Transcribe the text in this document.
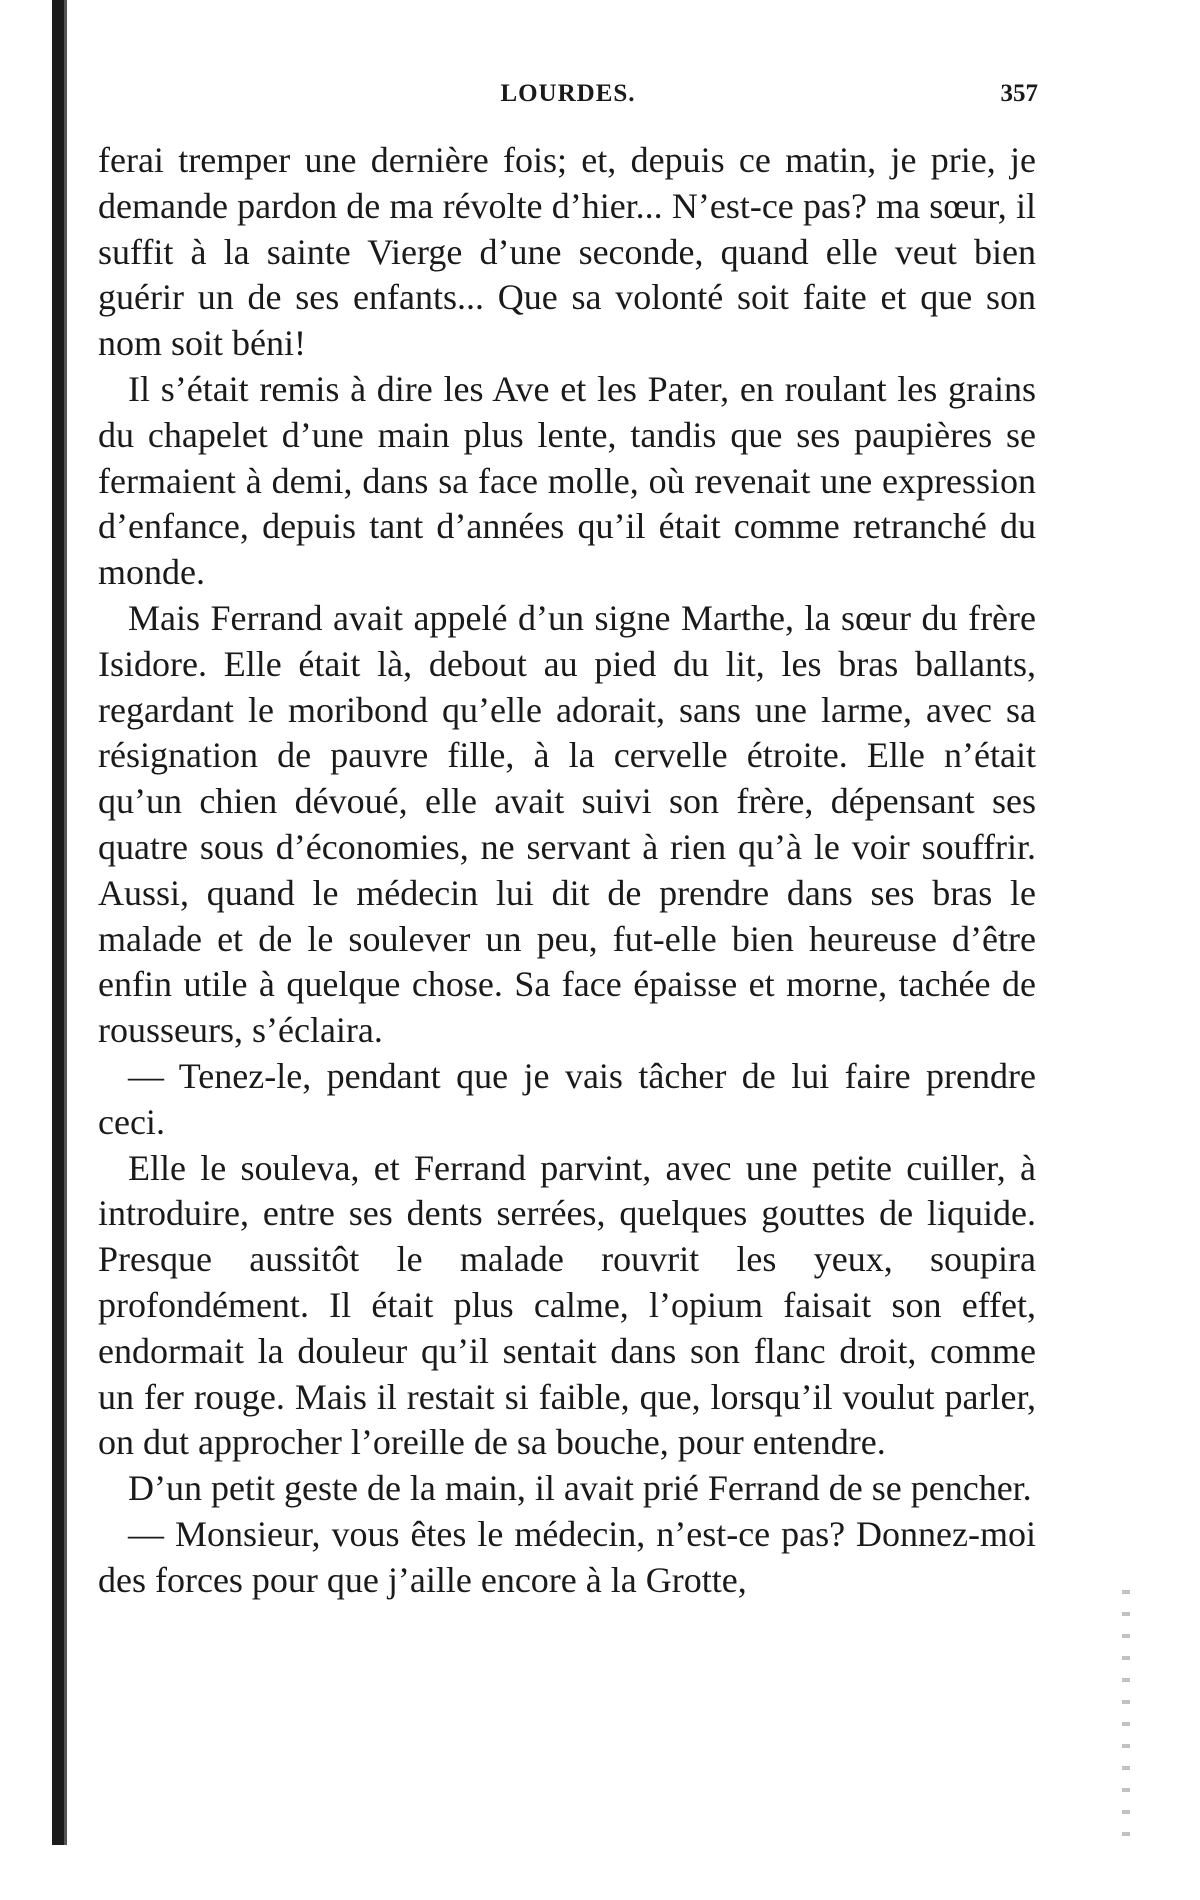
LOURDES.	357

ferai tremper une dernière fois; et, depuis ce matin, je prie, je demande pardon de ma révolte d’hier... N’est-ce pas? ma sœur, il suffit à la sainte Vierge d’une seconde, quand elle veut bien guérir un de ses enfants... Que sa volonté soit faite et que son nom soit béni!

Il s’était remis à dire les Ave et les Pater, en roulant les grains du chapelet d’une main plus lente, tandis que ses paupières se fermaient à demi, dans sa face molle, où revenait une expression d’enfance, depuis tant d’années qu’il était comme retranché du monde.

Mais Ferrand avait appelé d’un signe Marthe, la sœur du frère Isidore. Elle était là, debout au pied du lit, les bras ballants, regardant le moribond qu’elle adorait, sans une larme, avec sa résignation de pauvre fille, à la cervelle étroite. Elle n’était qu’un chien dévoué, elle avait suivi son frère, dépensant ses quatre sous d’économies, ne servant à rien qu’à le voir souffrir. Aussi, quand le médecin lui dit de prendre dans ses bras le malade et de le soulever un peu, fut-elle bien heureuse d’être enfin utile à quelque chose. Sa face épaisse et morne, tachée de rousseurs, s’éclaira.

— Tenez-le, pendant que je vais tâcher de lui faire prendre ceci.

Elle le souleva, et Ferrand parvint, avec une petite cuiller, à introduire, entre ses dents serrées, quelques gouttes de liquide. Presque aussitôt le malade rouvrit les yeux, soupira profondément. Il était plus calme, l’opium faisait son effet, endormait la douleur qu’il sentait dans son flanc droit, comme un fer rouge. Mais il restait si faible, que, lorsqu’il voulut parler, on dut approcher l’oreille de sa bouche, pour entendre.

D’un petit geste de la main, il avait prié Ferrand de se pencher.

— Monsieur, vous êtes le médecin, n’est-ce pas? Donnez-moi des forces pour que j’aille encore à la Grotte,
